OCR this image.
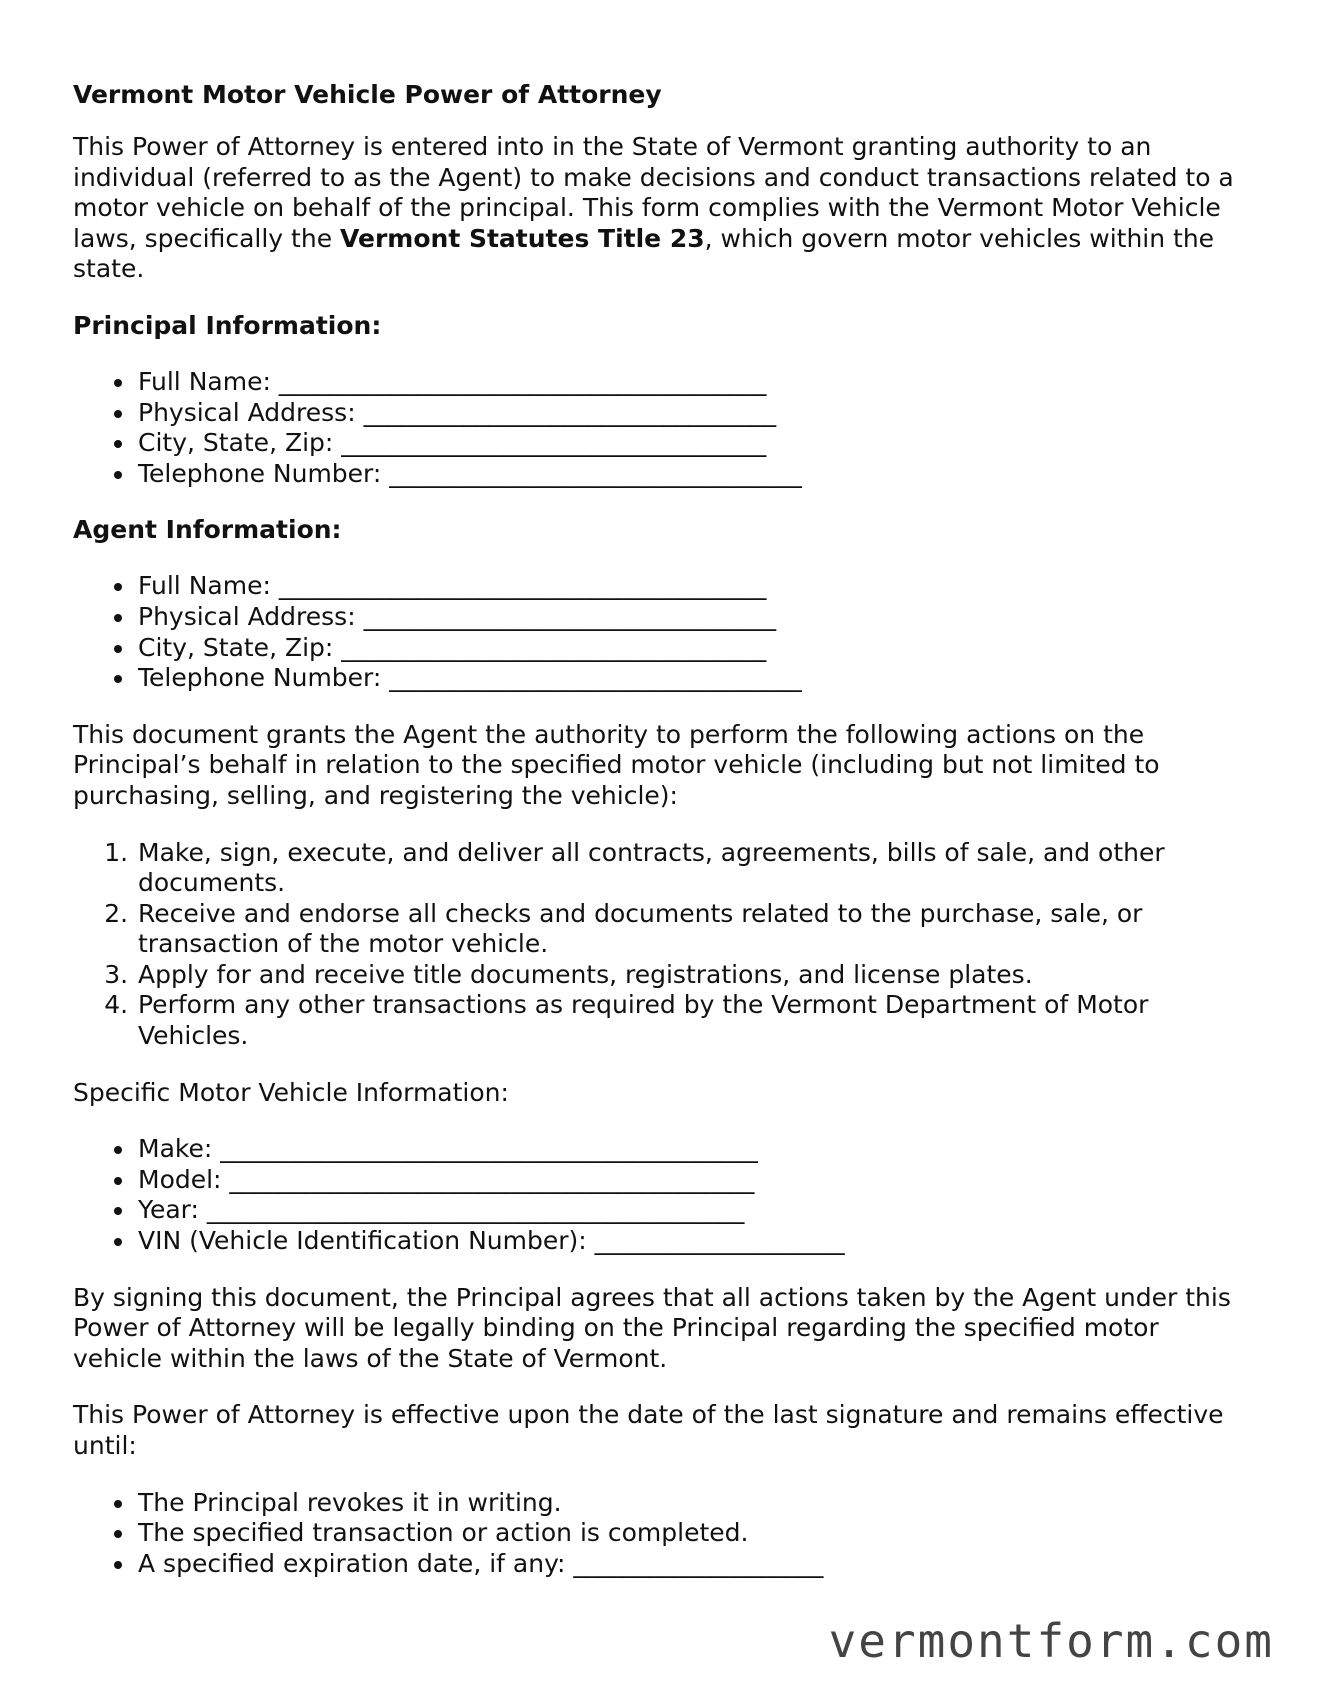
Vermont Motor Vehicle Power of Attorney

This Power of Attorney is entered into in the State of Vermont granting authority to an individual (referred to as the Agent) to make decisions and conduct transactions related to a motor vehicle on behalf of the principal. This form complies with the Vermont Motor Vehicle laws, specifically the Vermont Statutes Title 23, which govern motor vehicles within the state.

Principal Information:
• Full Name: _______________________________________
• Physical Address: _________________________________
• City, State, Zip: __________________________________
• Telephone Number: _________________________________
Agent Information:
• Full Name: _______________________________________
• Physical Address: _________________________________
• City, State, Zip: __________________________________
• Telephone Number: _________________________________

This document grants the Agent the authority to perform the following actions on the Principal’s behalf in relation to the specified motor vehicle (including but not limited to purchasing, selling, and registering the vehicle):

1. Make, sign, execute, and deliver all contracts, agreements, bills of sale, and other documents.
2. Receive and endorse all checks and documents related to the purchase, sale, or transaction of the motor vehicle.
3. Apply for and receive title documents, registrations, and license plates.
4. Perform any other transactions as required by the Vermont Department of Motor Vehicles.

Specific Motor Vehicle Information:

• Make: ___________________________________________
• Model: __________________________________________
• Year: ___________________________________________
• VIN (Vehicle Identification Number): ____________________

By signing this document, the Principal agrees that all actions taken by the Agent under this Power of Attorney will be legally binding on the Principal regarding the specified motor vehicle within the laws of the State of Vermont.

This Power of Attorney is effective upon the date of the last signature and remains effective until:

• The Principal revokes it in writing.
• The specified transaction or action is completed.
• A specified expiration date, if any: ____________________
vermontform.com
